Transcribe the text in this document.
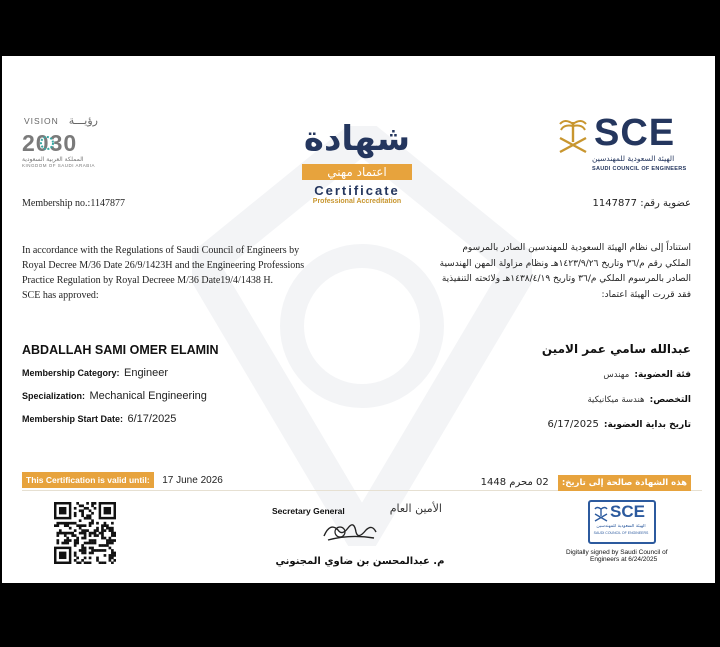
VISION رؤيـــة
2030
المملكة العربية السعودية
KINGDOM OF SAUDI ARABIA
SCE
الهيئة السعودية للمهندسين
SAUDI COUNCIL OF ENGINEERS
شهادة
اعتماد مهني
Certificate
Professional Accreditation
Membership no.:1147877	عضوية رقم: 1147877
In accordance with the Regulations of Saudi Council of Engineers by
Royal Decree M/36 Date 26/9/1423H and the Engineering Professions
Practice Regulation by Royal Decreee M/36 Date19/4/1438 H.
SCE has approved:
استناداً إلى نظام الهيئة السعودية للمهندسين الصادر بالمرسوم
الملكي رقم م/٣٦ وتاريخ ١٤٢٣/٩/٢٦هـ ونظام مزاولة المهن الهندسية
الصادر بالمرسوم الملكي م/٣٦ وتاريخ ١٤٣٨/٤/١٩هـ ولائحته التنفيذية
فقد قررت الهيئة اعتماد:
ABDALLAH SAMI OMER ELAMIN
Membership Category: Engineer
Specialization: Mechanical Engineering
Membership Start Date: 6/17/2025
عبدالله سامي عمر الامين
فئة العضوية: مهندس
التخصص: هندسة ميكانيكية
تاريخ بداية العضوية: 6/17/2025
This Certification is valid until: 17 June 2026	هذه الشهادة صالحة إلى تاريخ: 02 محرم 1448
Secretary General	الأمين العام
م. عبدالمحسن بن ضاوي المجنوني
SCE
الهيئة السعودية للمهندسين
SAUDI COUNCIL OF ENGINEERS
Digitally signed by Saudi Council of
Engineers at 6/24/2025
